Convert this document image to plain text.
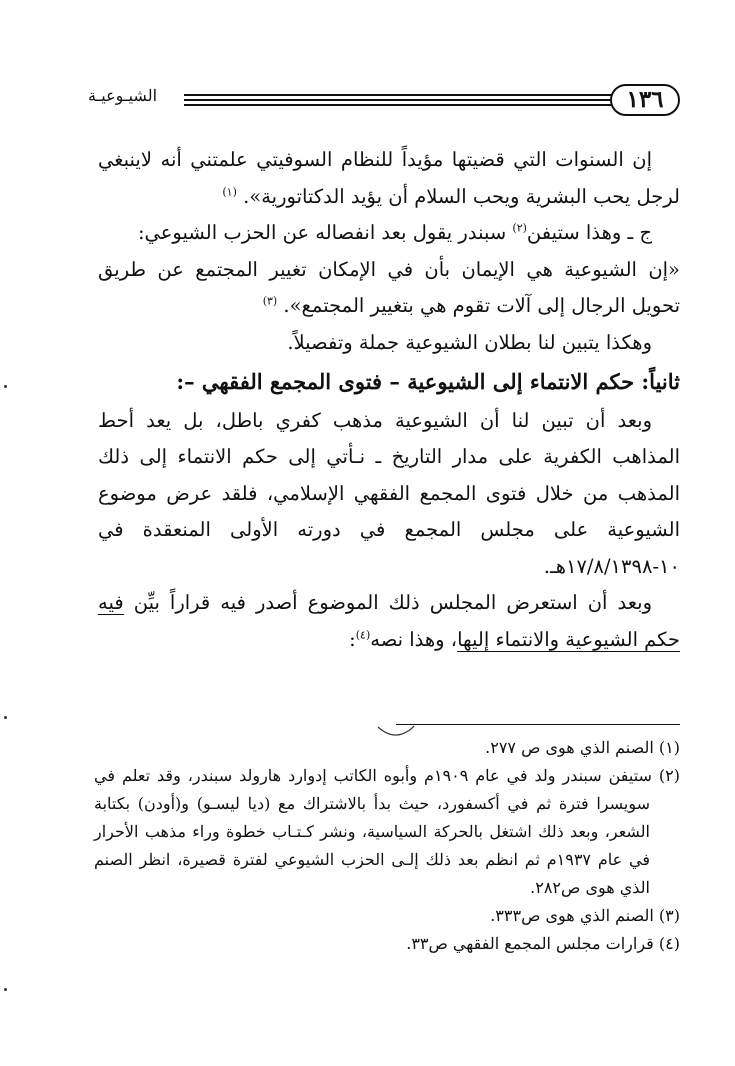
الشيـوعيـة	١٣٦

إن السنوات التي قضيتها مؤيداً للنظام السوفيتي علمتني أنه لاينبغي لرجل يحب البشرية ويحب السلام أن يؤيد الدكتاتورية». $^{(١)}$

ج ـ وهذا ستيفن$^{(٢)}$ سبندر يقول بعد انفصاله عن الحزب الشيوعي:

«إن الشيوعية هي الإيمان بأن في الإمكان تغيير المجتمع عن طريق تحويل الرجال إلى آلات تقوم هي بتغيير المجتمع». $^{(٣)}$

وهكذا يتبين لنا بطلان الشيوعية جملة وتفصيلاً.

ثانياً: حكم الانتماء إلى الشيوعية – فتوى المجمع الفقهي –:

وبعد أن تبين لنا أن الشيوعية مذهب كفري باطل، بل يعد أحط المذاهب الكفرية على مدار التاريخ ـ نـأتي إلى حكم الانتماء إلى ذلك المذهب من خلال فتوى المجمع الفقهي الإسلامي، فلقد عرض موضوع الشيوعية على مجلس المجمع في دورته الأولى المنعقدة في ١٠-١٧/٨/١٣٩٨هـ.

وبعد أن استعرض المجلس ذلك الموضوع أصدر فيه قراراً بيِّن فيه حكم الشيوعية والانتماء إليها، وهذا نصه$^{(٤)}$:

(١) الصنم الذي هوى ص ٢٧٧.

(٢) ستيفن سبندر ولد في عام ١٩٠٩م وأبوه الكاتب إدوارد هارولد سبندر، وقد تعلم في سويسرا فترة ثم في أكسفورد، حيث بدأ بالاشتراك مع (ديا ليسـو) و(أودن) بكتابة الشعر، وبعد ذلك اشتغل بالحركة السياسية، ونشر كـتـاب خطوة وراء مذهب الأحرار في عام ١٩٣٧م ثم انظم بعد ذلك إلـى الحزب الشيوعي لفترة قصيرة، انظر الصنم الذي هوى ص٢٨٢.

(٣) الصنم الذي هوى ص٣٣٣.

(٤) قرارات مجلس المجمع الفقهي ص٣٣.
